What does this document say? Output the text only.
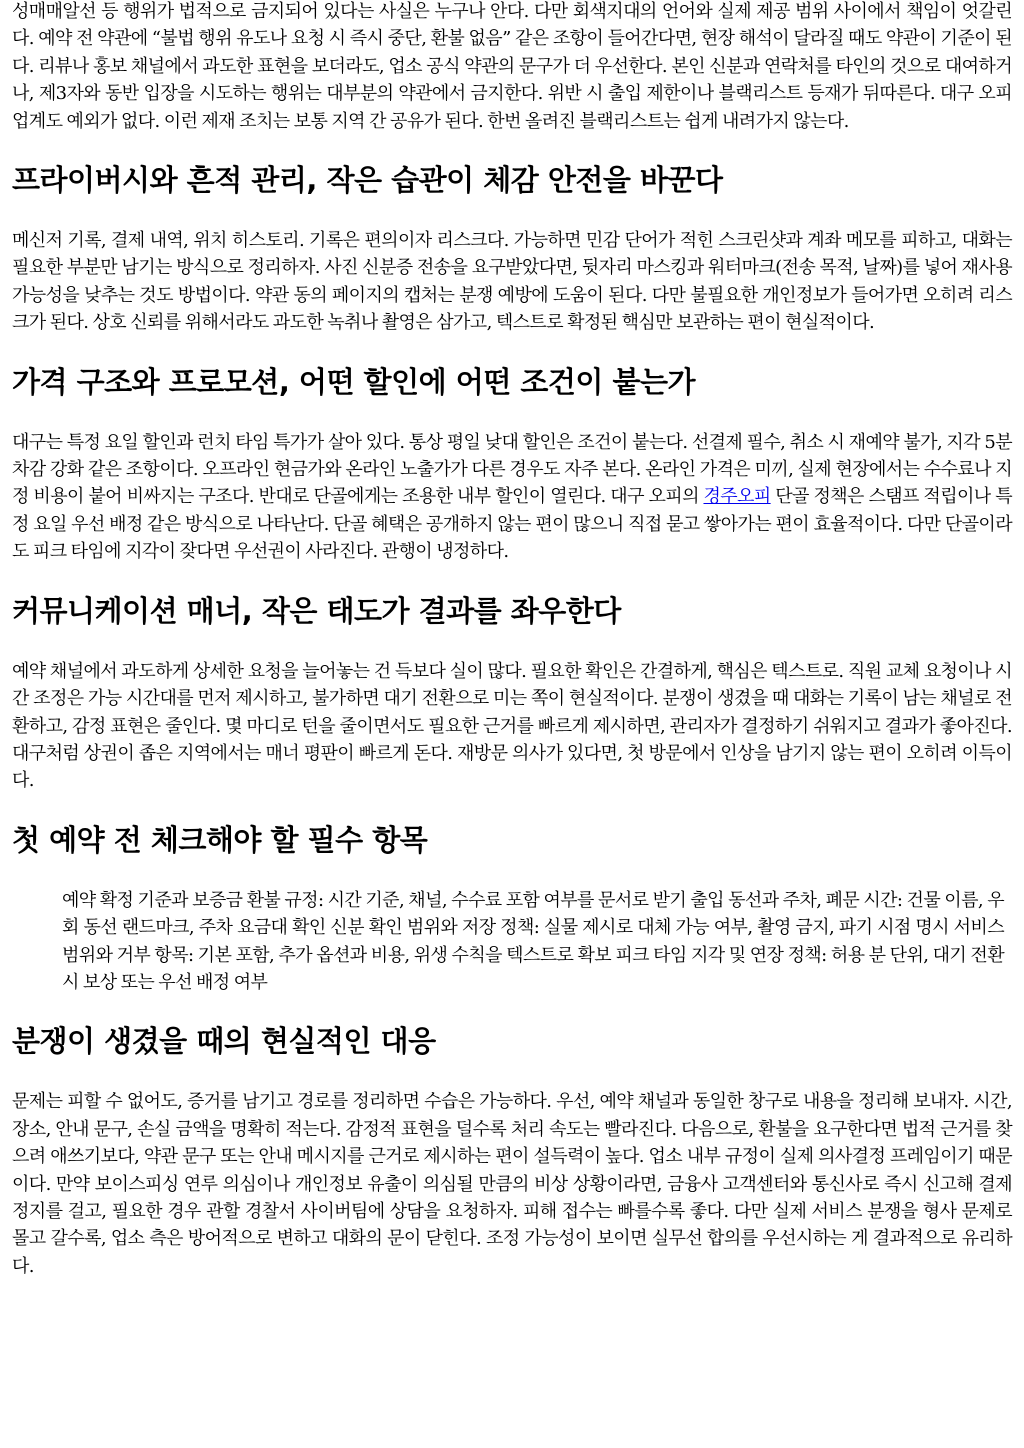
성매매알선 등 행위가 법적으로 금지되어 있다는 사실은 누구나 안다. 다만 회색지대의 언어와 실제 제공 범위 사이에서 책임이 엇갈린다. 예약 전 약관에 “불법 행위 유도나 요청 시 즉시 중단, 환불 없음” 같은 조항이 들어간다면, 현장 해석이 달라질 때도 약관이 기준이 된다. 리뷰나 홍보 채널에서 과도한 표현을 보더라도, 업소 공식 약관의 문구가 더 우선한다. 본인 신분과 연락처를 타인의 것으로 대여하거나, 제3자와 동반 입장을 시도하는 행위는 대부분의 약관에서 금지한다. 위반 시 출입 제한이나 블랙리스트 등재가 뒤따른다. 대구 오피 업계도 예외가 없다. 이런 제재 조치는 보통 지역 간 공유가 된다. 한번 올려진 블랙리스트는 쉽게 내려가지 않는다.

프라이버시와 흔적 관리, 작은 습관이 체감 안전을 바꾼다

메신저 기록, 결제 내역, 위치 히스토리. 기록은 편의이자 리스크다. 가능하면 민감 단어가 적힌 스크린샷과 계좌 메모를 피하고, 대화는 필요한 부분만 남기는 방식으로 정리하자. 사진 신분증 전송을 요구받았다면, 뒷자리 마스킹과 워터마크(전송 목적, 날짜)를 넣어 재사용 가능성을 낮추는 것도 방법이다. 약관 동의 페이지의 캡처는 분쟁 예방에 도움이 된다. 다만 불필요한 개인정보가 들어가면 오히려 리스크가 된다. 상호 신뢰를 위해서라도 과도한 녹취나 촬영은 삼가고, 텍스트로 확정된 핵심만 보관하는 편이 현실적이다.

가격 구조와 프로모션, 어떤 할인에 어떤 조건이 붙는가

대구는 특정 요일 할인과 런치 타임 특가가 살아 있다. 통상 평일 낮대 할인은 조건이 붙는다. 선결제 필수, 취소 시 재예약 불가, 지각 5분 차감 강화 같은 조항이다. 오프라인 현금가와 온라인 노출가가 다른 경우도 자주 본다. 온라인 가격은 미끼, 실제 현장에서는 수수료나 지정 비용이 붙어 비싸지는 구조다. 반대로 단골에게는 조용한 내부 할인이 열린다. 대구 오피의 경주오피 단골 정책은 스탬프 적립이나 특정 요일 우선 배정 같은 방식으로 나타난다. 단골 혜택은 공개하지 않는 편이 많으니 직접 묻고 쌓아가는 편이 효율적이다. 다만 단골이라도 피크 타임에 지각이 잦다면 우선권이 사라진다. 관행이 냉정하다.

커뮤니케이션 매너, 작은 태도가 결과를 좌우한다

예약 채널에서 과도하게 상세한 요청을 늘어놓는 건 득보다 실이 많다. 필요한 확인은 간결하게, 핵심은 텍스트로. 직원 교체 요청이나 시간 조정은 가능 시간대를 먼저 제시하고, 불가하면 대기 전환으로 미는 쪽이 현실적이다. 분쟁이 생겼을 때 대화는 기록이 남는 채널로 전환하고, 감정 표현은 줄인다. 몇 마디로 턴을 줄이면서도 필요한 근거를 빠르게 제시하면, 관리자가 결정하기 쉬워지고 결과가 좋아진다. 대구처럼 상권이 좁은 지역에서는 매너 평판이 빠르게 돈다. 재방문 의사가 있다면, 첫 방문에서 인상을 남기지 않는 편이 오히려 이득이다.

첫 예약 전 체크해야 할 필수 항목

예약 확정 기준과 보증금 환불 규정: 시간 기준, 채널, 수수료 포함 여부를 문서로 받기 출입 동선과 주차, 폐문 시간: 건물 이름, 우회 동선 랜드마크, 주차 요금대 확인 신분 확인 범위와 저장 정책: 실물 제시로 대체 가능 여부, 촬영 금지, 파기 시점 명시 서비스 범위와 거부 항목: 기본 포함, 추가 옵션과 비용, 위생 수칙을 텍스트로 확보 피크 타임 지각 및 연장 정책: 허용 분 단위, 대기 전환 시 보상 또는 우선 배정 여부

분쟁이 생겼을 때의 현실적인 대응

문제는 피할 수 없어도, 증거를 남기고 경로를 정리하면 수습은 가능하다. 우선, 예약 채널과 동일한 창구로 내용을 정리해 보내자. 시간, 장소, 안내 문구, 손실 금액을 명확히 적는다. 감정적 표현을 덜수록 처리 속도는 빨라진다. 다음으로, 환불을 요구한다면 법적 근거를 찾으려 애쓰기보다, 약관 문구 또는 안내 메시지를 근거로 제시하는 편이 설득력이 높다. 업소 내부 규정이 실제 의사결정 프레임이기 때문이다. 만약 보이스피싱 연루 의심이나 개인정보 유출이 의심될 만큼의 비상 상황이라면, 금융사 고객센터와 통신사로 즉시 신고해 결제 정지를 걸고, 필요한 경우 관할 경찰서 사이버팀에 상담을 요청하자. 피해 접수는 빠를수록 좋다. 다만 실제 서비스 분쟁을 형사 문제로 몰고 갈수록, 업소 측은 방어적으로 변하고 대화의 문이 닫힌다. 조정 가능성이 보이면 실무선 합의를 우선시하는 게 결과적으로 유리하다.
